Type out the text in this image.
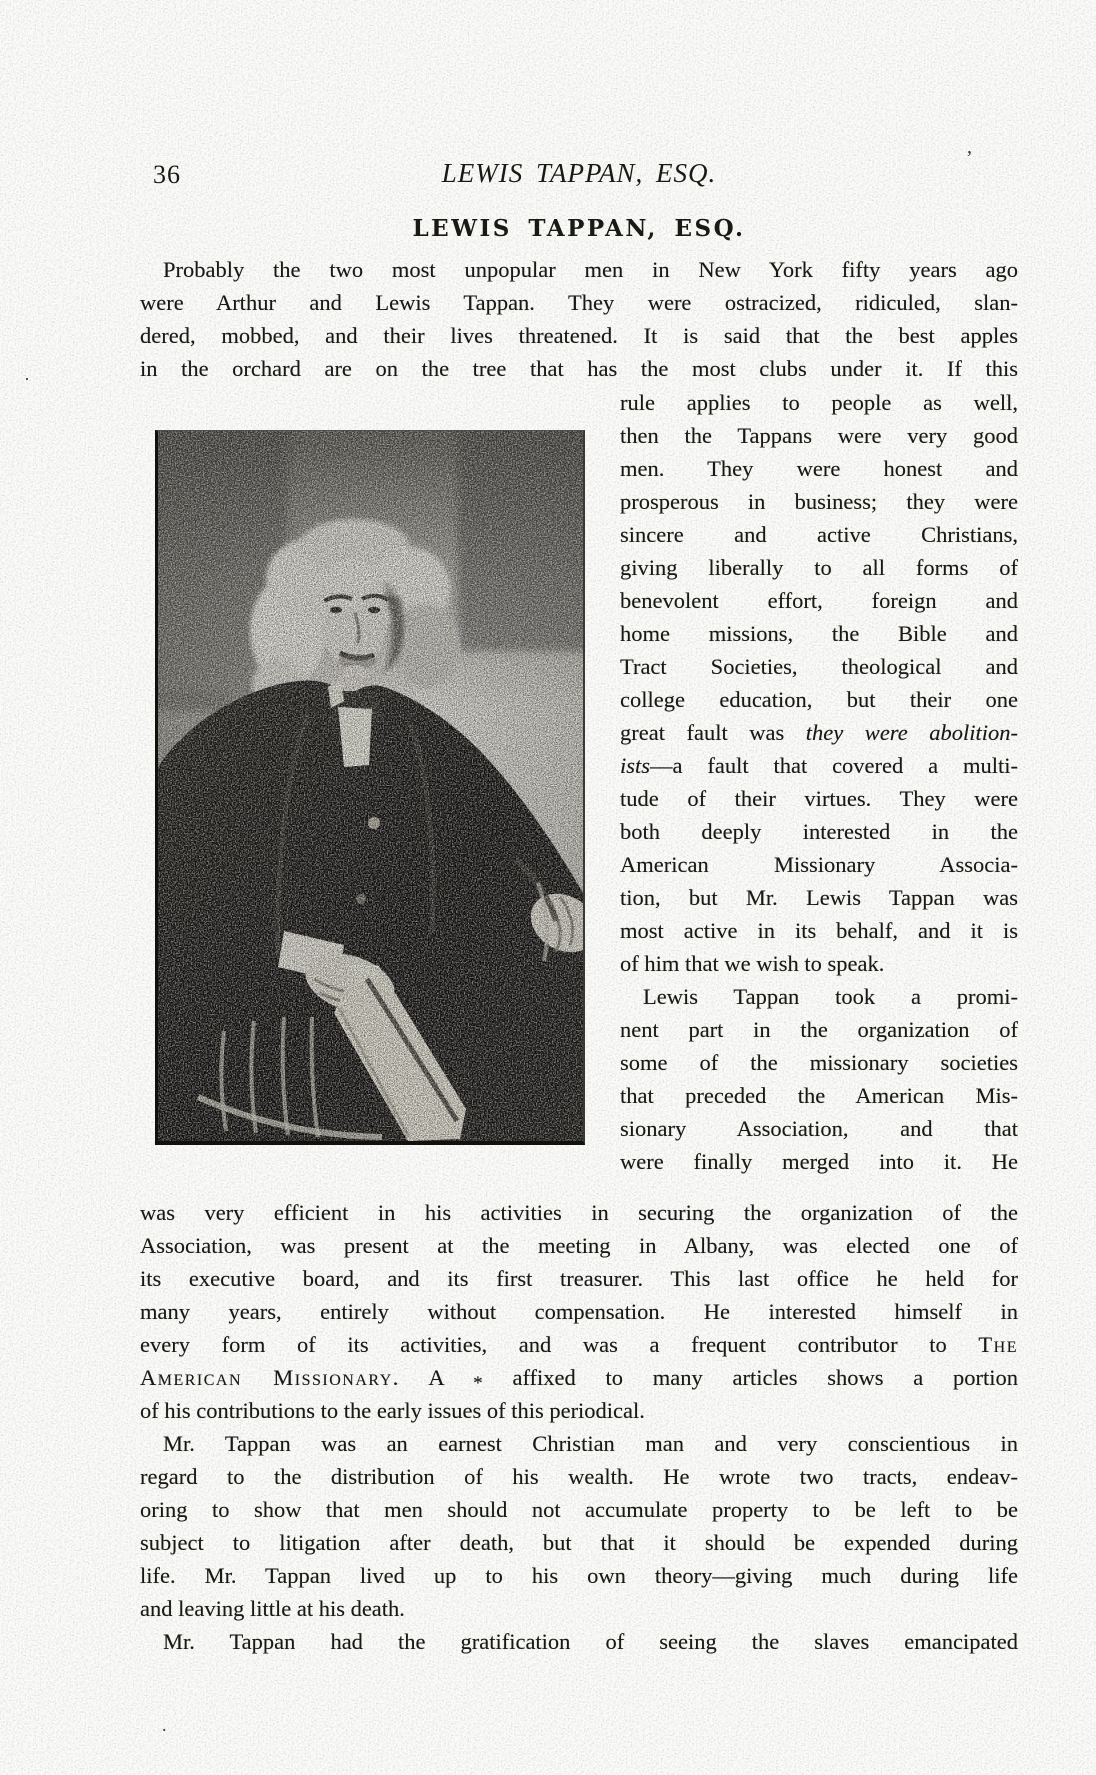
36	LEWIS TAPPAN, ESQ.
LEWIS TAPPAN, ESQ.
Probably the two most unpopular men in New York fifty years ago
were Arthur and Lewis Tappan. They were ostracized, ridiculed, slan-
dered, mobbed, and their lives threatened. It is said that the best apples
in the orchard are on the tree that has the most clubs under it. If this
rule applies to people as well,
then the Tappans were very good
men. They were honest and
prosperous in business; they were
sincere and active Christians,
giving liberally to all forms of
benevolent effort, foreign and
home missions, the Bible and
Tract Societies, theological and
college education, but their one
great fault was they were abolition-
ists—a fault that covered a multi-
tude of their virtues. They were
both deeply interested in the
American Missionary Associa-
tion, but Mr. Lewis Tappan was
most active in its behalf, and it is
of him that we wish to speak.
Lewis Tappan took a promi-
nent part in the organization of
some of the missionary societies
that preceded the American Mis-
sionary Association, and that
were finally merged into it. He
was very efficient in his activities in securing the organization of the
Association, was present at the meeting in Albany, was elected one of
its executive board, and its first treasurer. This last office he held for
many years, entirely without compensation. He interested himself in
every form of its activities, and was a frequent contributor to The
American Missionary. A $_*$ affixed to many articles shows a portion
of his contributions to the early issues of this periodical.
Mr. Tappan was an earnest Christian man and very conscientious in
regard to the distribution of his wealth. He wrote two tracts, endeav-
oring to show that men should not accumulate property to be left to be
subject to litigation after death, but that it should be expended during
life. Mr. Tappan lived up to his own theory—giving much during life
and leaving little at his death.
Mr. Tappan had the gratification of seeing the slaves emancipated
’
·
.
